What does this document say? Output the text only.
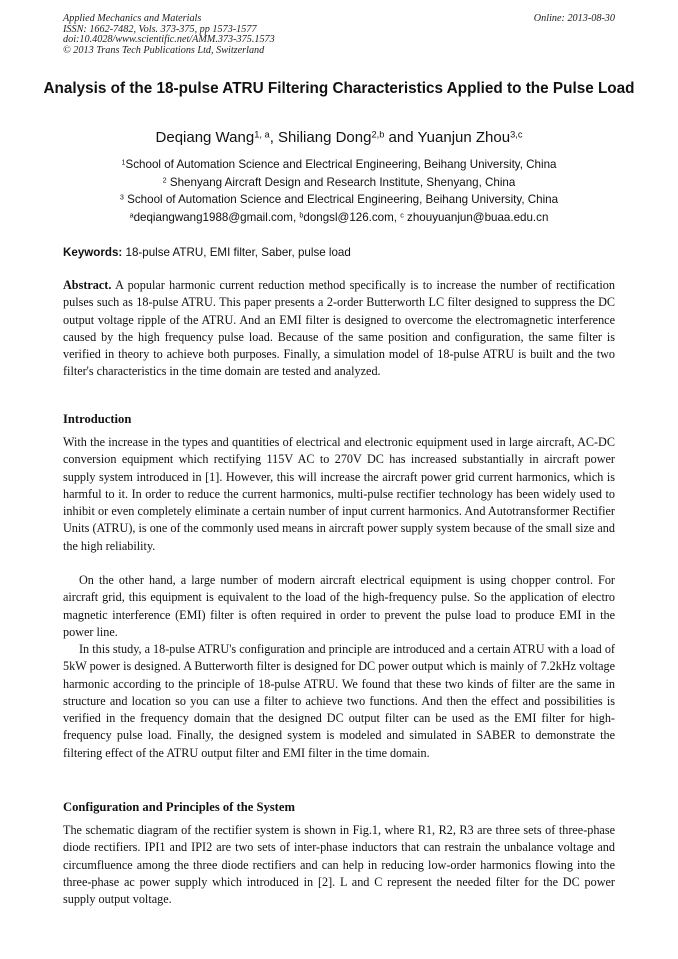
Applied Mechanics and Materials
ISSN: 1662-7482, Vols. 373-375, pp 1573-1577
doi:10.4028/www.scientific.net/AMM.373-375.1573
© 2013 Trans Tech Publications Ltd, Switzerland
Online: 2013-08-30
Analysis of the 18-pulse ATRU Filtering Characteristics Applied to the Pulse Load
Deqiang Wang$^{1, a}$, Shiliang Dong$^{2,b}$ and Yuanjun Zhou$^{3,c}$
$^1$School of Automation Science and Electrical Engineering, Beihang University, China
$^2$ Shenyang Aircraft Design and Research Institute, Shenyang, China
$^3$ School of Automation Science and Electrical Engineering, Beihang University, China
$^a$deqiangwang1988@gmail.com, $^b$dongsl@126.com, $^c$ zhouyuanjun@buaa.edu.cn
Keywords: 18-pulse ATRU, EMI filter, Saber, pulse load
Abstract. A popular harmonic current reduction method specifically is to increase the number of rectification pulses such as 18-pulse ATRU. This paper presents a 2-order Butterworth LC filter designed to suppress the DC output voltage ripple of the ATRU. And an EMI filter is designed to overcome the electromagnetic interference caused by the high frequency pulse load. Because of the same position and configuration, the same filter is verified in theory to achieve both purposes. Finally, a simulation model of 18-pulse ATRU is built and the two filter's characteristics in the time domain are tested and analyzed.
Introduction
With the increase in the types and quantities of electrical and electronic equipment used in large aircraft, AC-DC conversion equipment which rectifying 115V AC to 270V DC has increased substantially in aircraft power supply system introduced in [1]. However, this will increase the aircraft power grid current harmonics, which is harmful to it. In order to reduce the current harmonics, multi-pulse rectifier technology has been widely used to inhibit or even completely eliminate a certain number of input current harmonics. And Autotransformer Rectifier Units (ATRU), is one of the commonly used means in aircraft power supply system because of the small size and the high reliability.
On the other hand, a large number of modern aircraft electrical equipment is using chopper control. For aircraft grid, this equipment is equivalent to the load of the high-frequency pulse. So the application of electro magnetic interference (EMI) filter is often required in order to prevent the pulse load to produce EMI in the power line.
In this study, a 18-pulse ATRU's configuration and principle are introduced and a certain ATRU with a load of 5kW power is designed. A Butterworth filter is designed for DC power output which is mainly of 7.2kHz voltage harmonic according to the principle of 18-pulse ATRU. We found that these two kinds of filter are the same in structure and location so you can use a filter to achieve two functions. And then the effect and possibilities is verified in the frequency domain that the designed DC output filter can be used as the EMI filter for high-frequency pulse load. Finally, the designed system is modeled and simulated in SABER to demonstrate the filtering effect of the ATRU output filter and EMI filter in the time domain.
Configuration and Principles of the System
The schematic diagram of the rectifier system is shown in Fig.1, where R1, R2, R3 are three sets of three-phase diode rectifiers. IPI1 and IPI2 are two sets of inter-phase inductors that can restrain the unbalance voltage and circumfluence among the three diode rectifiers and can help in reducing low-order harmonics flowing into the three-phase ac power supply which introduced in [2]. L and C represent the needed filter for the DC power supply output voltage.
